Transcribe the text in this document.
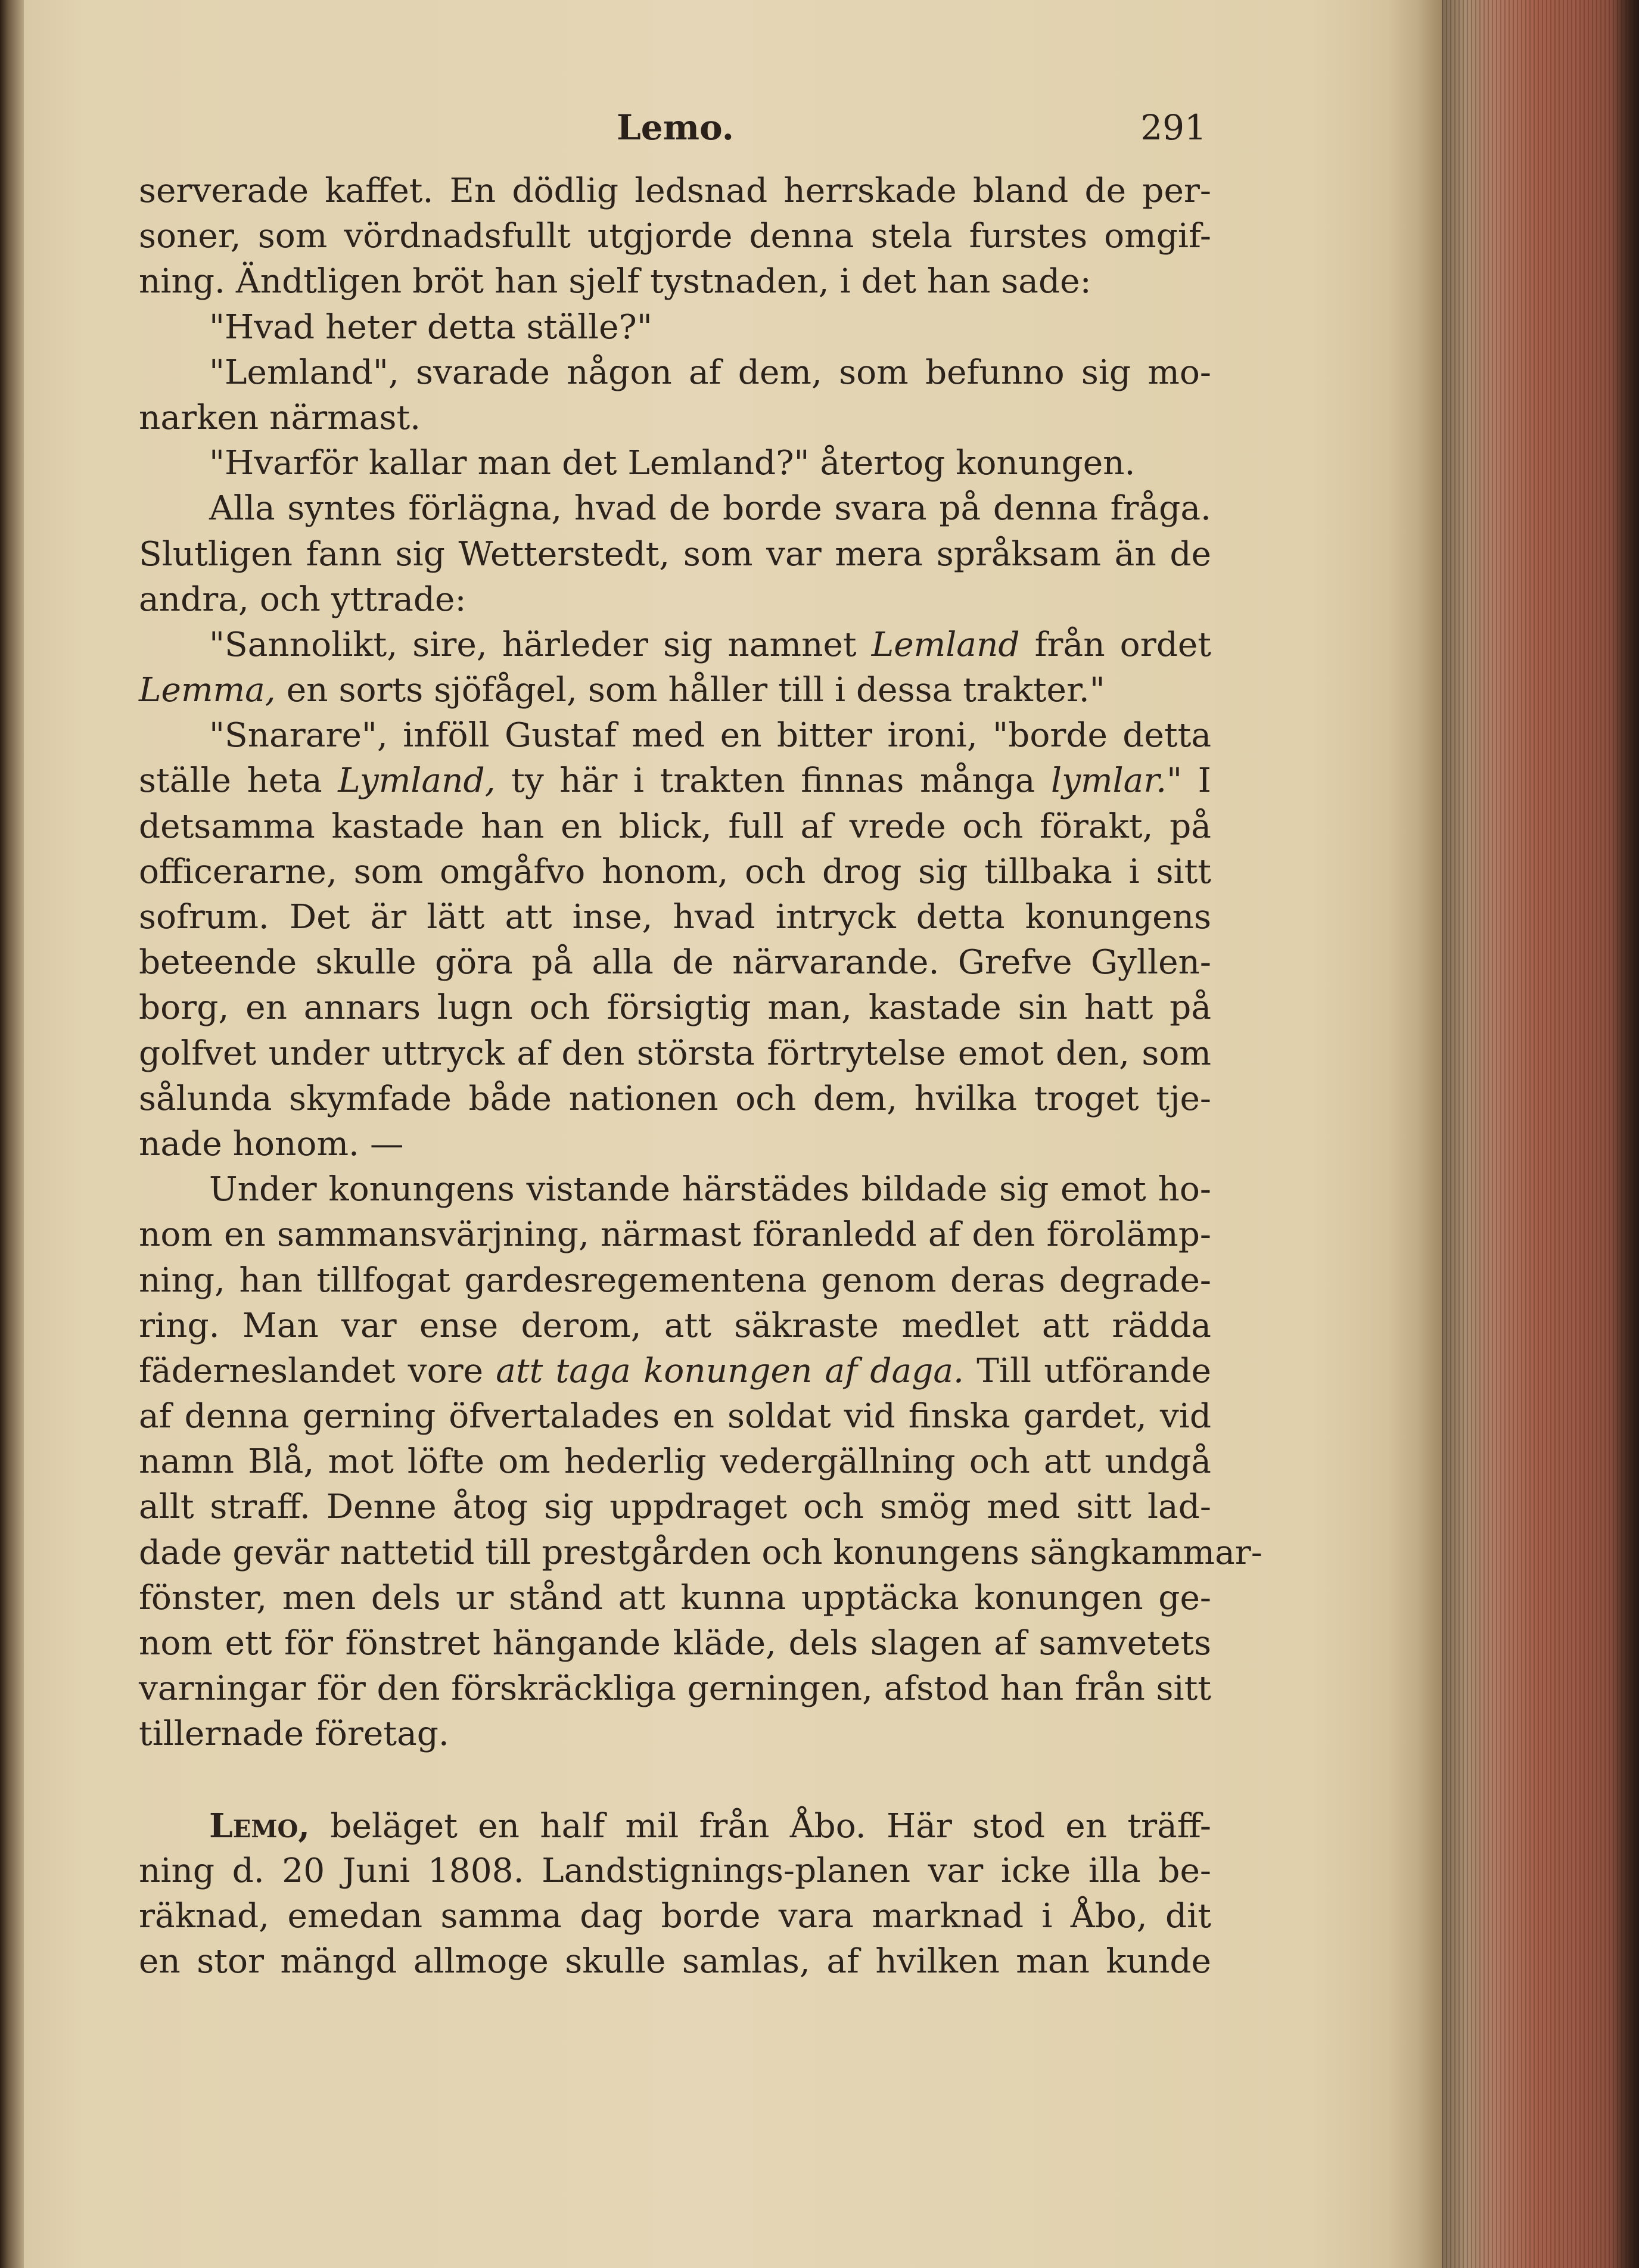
Lemo.	291
serverade kaffet. En dödlig ledsnad herrskade bland de per-
soner, som vördnadsfullt utgjorde denna stela furstes omgif-
ning. Ändtligen bröt han sjelf tystnaden, i det han sade:
"Hvad heter detta ställe?"
"Lemland", svarade någon af dem, som befunno sig mo-
narken närmast.
"Hvarför kallar man det Lemland?" återtog konungen.
Alla syntes förlägna, hvad de borde svara på denna fråga.
Slutligen fann sig Wetterstedt, som var mera språksam än de
andra, och yttrade:
"Sannolikt, sire, härleder sig namnet Lemland från ordet
Lemma, en sorts sjöfågel, som håller till i dessa trakter."
"Snarare", inföll Gustaf med en bitter ironi, "borde detta
ställe heta Lymland, ty här i trakten finnas många lymlar." I
detsamma kastade han en blick, full af vrede och förakt, på
officerarne, som omgåfvo honom, och drog sig tillbaka i sitt
sofrum. Det är lätt att inse, hvad intryck detta konungens
beteende skulle göra på alla de närvarande. Grefve Gyllen-
borg, en annars lugn och försigtig man, kastade sin hatt på
golfvet under uttryck af den största förtrytelse emot den, som
sålunda skymfade både nationen och dem, hvilka troget tje-
nade honom. —
Under konungens vistande härstädes bildade sig emot ho-
nom en sammansvärjning, närmast föranledd af den förolämp-
ning, han tillfogat gardesregementena genom deras degrade-
ring. Man var ense derom, att säkraste medlet att rädda
fäderneslandet vore att taga konungen af daga. Till utförande
af denna gerning öfvertalades en soldat vid finska gardet, vid
namn Blå, mot löfte om hederlig vedergällning och att undgå
allt straff. Denne åtog sig uppdraget och smög med sitt lad-
dade gevär nattetid till prestgården och konungens sängkammar-
fönster, men dels ur stånd att kunna upptäcka konungen ge-
nom ett för fönstret hängande kläde, dels slagen af samvetets
varningar för den förskräckliga gerningen, afstod han från sitt
tillernade företag.
Lemo, beläget en half mil från Åbo. Här stod en träff-
ning d. 20 Juni 1808. Landstignings-planen var icke illa be-
räknad, emedan samma dag borde vara marknad i Åbo, dit
en stor mängd allmoge skulle samlas, af hvilken man kunde
